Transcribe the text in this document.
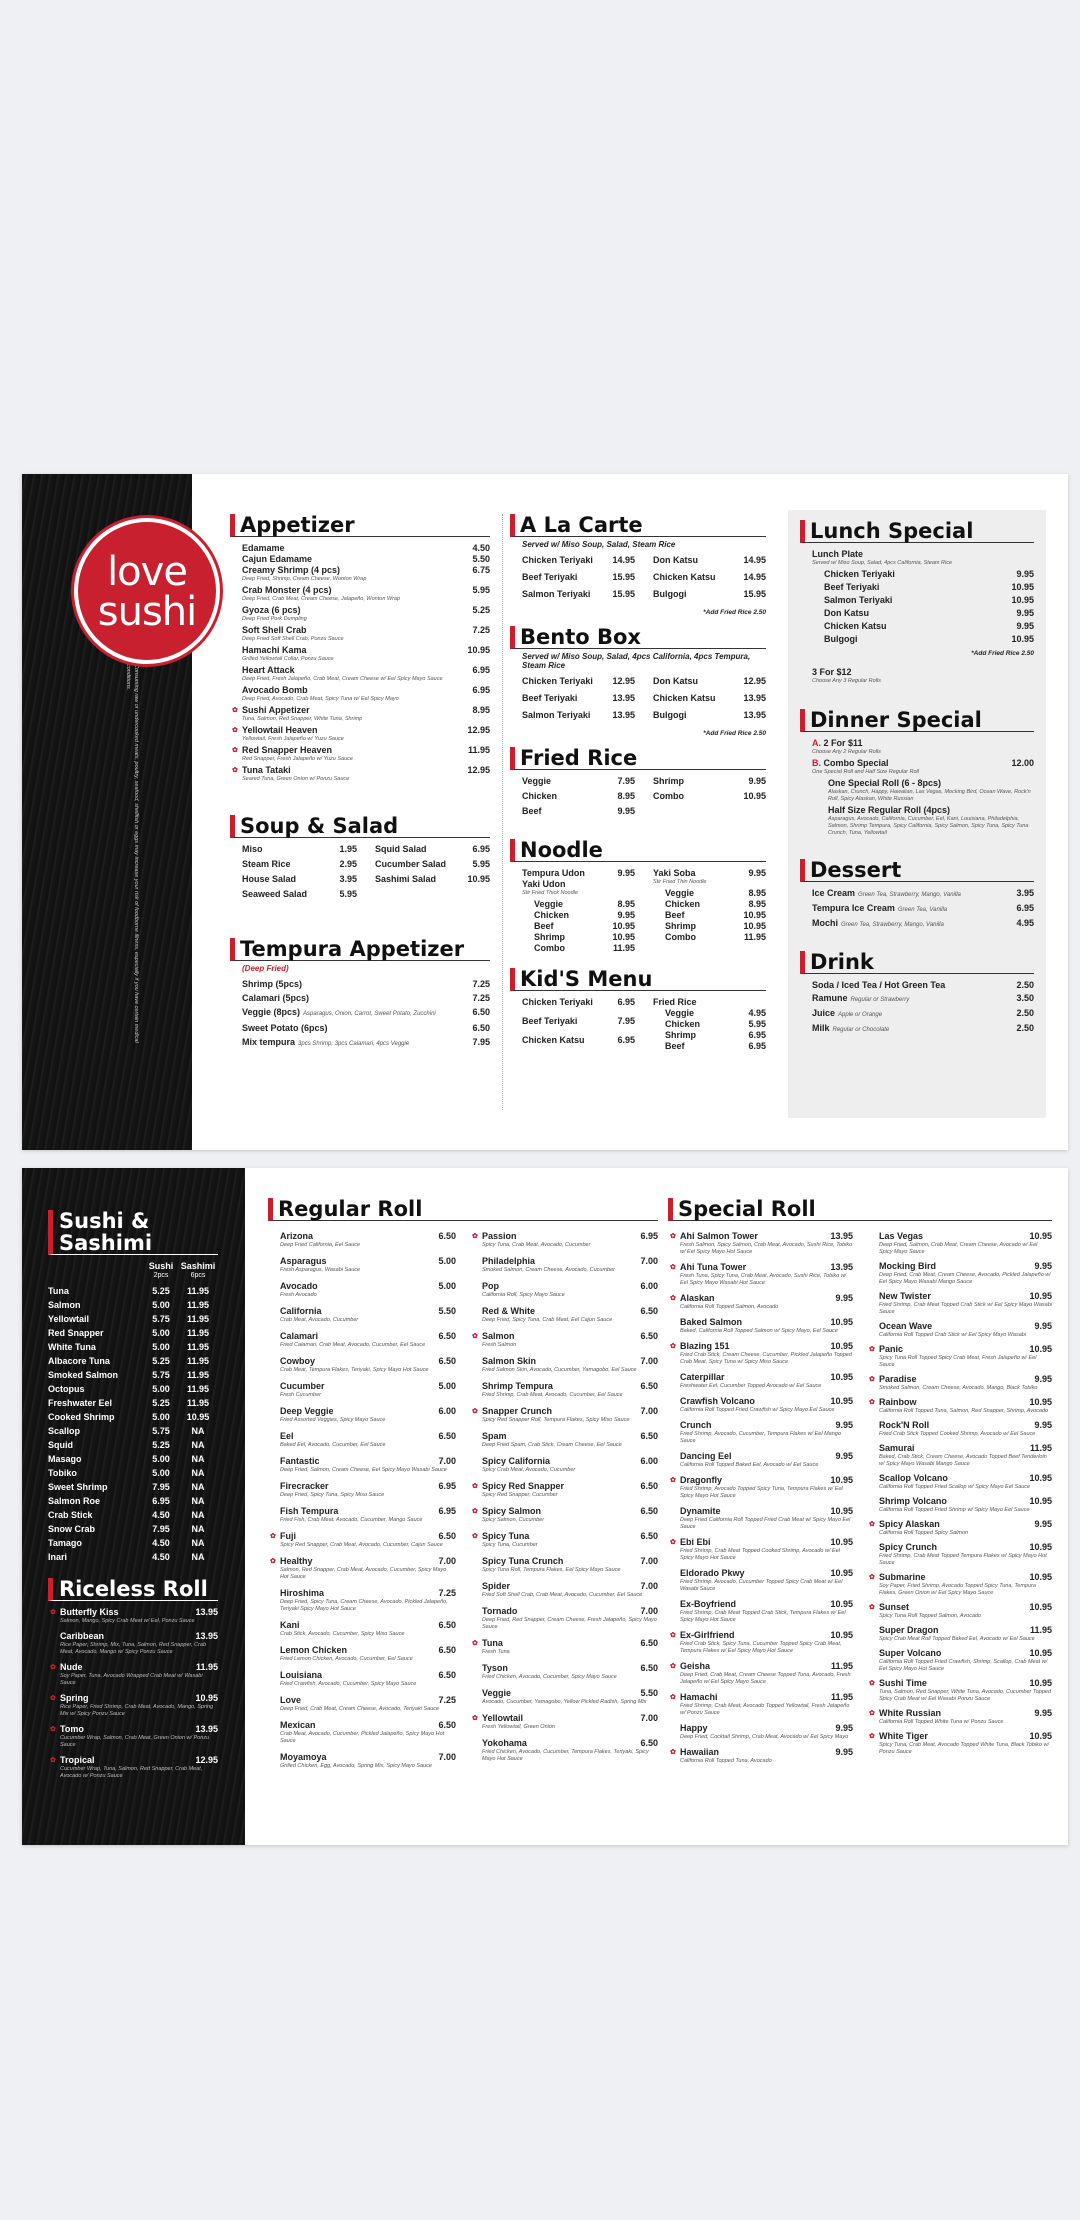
Consuming raw or undercooked meats, poultry, seafood, shellfish or eggs may increase your risk of foodborne illness, especially if you have certain medical conditions.
love
sushi
Appetizer
Edamame	4.50
Cajun Edamame	5.50
Creamy Shrimp (4 pcs)	6.75
Deep Fried, Shrimp, Cream Cheese, Wonton Wrap
Crab Monster (4 pcs)	5.95
Deep Fried, Crab Meat, Cream Cheese, Jalapeño, Wonton Wrap
Gyoza (6 pcs)	5.25
Deep Fried Pork Dumpling
Soft Shell Crab	7.25
Deep Fried Soft Shell Crab, Ponzu Sauce
Hamachi Kama	10.95
Grilled Yellowtail Collar, Ponzu Sauce
Heart Attack	6.95
Deep Fried, Fresh Jalapeño, Crab Meat, Cream Cheese w/ Eel Spicy Mayo Sauce
Avocado Bomb	6.95
Deep Fried, Avocado, Crab Meat, Spicy Tuna w/ Eel Spicy Mayo
✿ Sushi Appetizer	8.95
Tuna, Salmon, Red Snapper, White Tuna, Shrimp
✿ Yellowtail Heaven	12.95
Yellowtail, Fresh Jalapeño w/ Yuzu Sauce
✿ Red Snapper Heaven	11.95
Red Snapper, Fresh Jalapeño w/ Yuzu Sauce
✿ Tuna Tataki	12.95
Seared Tuna, Green Onion w/ Ponzu Sauce
Soup & Salad
Miso	1.95
Steam Rice	2.95
House Salad	3.95
Seaweed Salad	5.95
Squid Salad	6.95
Cucumber Salad	5.95
Sashimi Salad	10.95
Tempura Appetizer
(Deep Fried)
Shrimp (5pcs)	7.25
Calamari (5pcs)	7.25
Veggie (8pcs) Asparagus, Onion, Carrot, Sweet Potato, Zucchini	6.50
Sweet Potato (6pcs)	6.50
Mix tempura 3pcs Shrimp, 3pcs Calamari, 4pcs Veggie	7.95
A La Carte
Served w/ Miso Soup, Salad, Steam Rice
Chicken Teriyaki 14.95
Beef Teriyaki	15.95
Salmon Teriyaki 15.95
Don Katsu	14.95
Chicken Katsu	14.95
Bulgogi	15.95
*Add Fried Rice 2.50
Bento Box
Served w/ Miso Soup, Salad, 4pcs California, 4pcs Tempura, Steam Rice
Chicken Teriyaki 12.95
Beef Teriyaki	13.95
Salmon Teriyaki 13.95
Don Katsu	12.95
Chicken Katsu	13.95
Bulgogi	13.95
*Add Fried Rice 2.50
Fried Rice
Veggie	7.95
Chicken	8.95
Beef	9.95
Shrimp	9.95
Combo	10.95
Noodle
Tempura Udon	9.95
Yaki Udon
Stir Fried Thick Noodle
Veggie	8.95
Chicken	9.95
Beef	10.95
Shrimp	10.95
Combo	11.95
Yaki Soba	9.95
Stir Fried Thin Noodle
Veggie	8.95
Chicken	8.95
Beef	10.95
Shrimp	10.95
Combo	11.95
Kid'S Menu
Chicken Teriyaki	6.95
Beef Teriyaki	7.95
Chicken Katsu	6.95
Fried Rice
Veggie	4.95
Chicken	5.95
Shrimp	6.95
Beef	6.95
Lunch Special
Lunch Plate
Served w/ Miso Soup, Salad, 4pcs California, Steam Rice
Chicken Teriyaki	9.95
Beef Teriyaki	10.95
Salmon Teriyaki	10.95
Don Katsu	9.95
Chicken Katsu	9.95
Bulgogi	10.95
*Add Fried Rice 2.50
3 For $12
Choose Any 3 Regular Rolls
Dinner Special
A. 2 For $11
Choose Any 2 Regular Rolls
B. Combo Special	12.00
One Special Roll and Half Size Regular Roll
One Special Roll (6 - 8pcs)
Alaskan, Crunch, Happy, Hawaiian, Las Vegas, Mocking Bird, Ocean Wave, Rock'n Roll, Spicy Alaskan, White Russian
Half Size Regular Roll (4pcs)
Asparagus, Avocado, California, Cucumber, Eel, Kani, Louisiana, Philadelphia, Salmon, Shrimp Tempura, Spicy California, Spicy Salmon, Spicy Tuna, Spicy Tuna Crunch, Tuna, Yellowtail
Dessert
Ice Cream Green Tea, Strawberry, Mango, Vanilla	3.95
Tempura Ice Cream Green Tea, Vanilla	6.95
Mochi Green Tea, Strawberry, Mango, Vanilla	4.95
Drink
Soda / Iced Tea / Hot Green Tea	2.50
Ramune Regular or Strawberry	3.50
Juice Apple or Orange	2.50
Milk Regular or Chocolate	2.50
Sushi &
Sashimi
Sushi Sashimi
2pcs	6pcs
Tuna	5.25	11.95
Salmon	5.00	11.95
Yellowtail	5.75	11.95
Red Snapper	5.00	11.95
White Tuna	5.00	11.95
Albacore Tuna	5.25	11.95
Smoked Salmon	5.75	11.95
Octopus	5.00	11.95
Freshwater Eel	5.25	11.95
Cooked Shrimp	5.00	10.95
Scallop	5.75	NA
Squid	5.25	NA
Masago	5.00	NA
Tobiko	5.00	NA
Sweet Shrimp	7.95	NA
Salmon Roe	6.95	NA
Crab Stick	4.50	NA
Snow Crab	7.95	NA
Tamago	4.50	NA
Inari	4.50	NA
Riceless Roll
✿ Butterfly Kiss	13.95
Salmon, Mango, Spicy Crab Meat w/ Eel, Ponzu Sauce
Caribbean	13.95
Rice Paper, Shrimp, Mix, Tuna, Salmon, Red Snapper, Crab Meat, Avocado, Mango w/ Spicy Ponzu Sauce
✿ Nude	11.95
Soy Paper, Tuna, Avocado Wrapped Crab Meat w/ Wasabi Sauce
✿ Spring	10.95
Rice Paper, Fried Shrimp, Crab Meat, Avocado, Mango, Spring Mix w/ Spicy Ponzu Sauce
✿ Tomo	13.95
Cucumber Wrap, Salmon, Crab Meat, Green Onion w/ Ponzu Sauce
✿ Tropical	12.95
Cucumber Wrap, Tuna, Salmon, Red Snapper, Crab Meat, Avocado w/ Ponzu Sauce
Regular Roll
Arizona	6.50
Deep Fried California, Eel Sauce
Asparagus	5.00
Fresh Asparagus, Wasabi Sauce
Avocado	5.00
Fresh Avocado
California	5.50
Crab Meat, Avocado, Cucumber
Calamari	6.50
Fried Calamari, Crab Meat, Avocado, Cucumber, Eel Sauce
Cowboy	6.50
Crab Meat, Tempura Flakes, Teriyaki, Spicy Mayo Hot Sauce
Cucumber	5.00
Fresh Cucumber
Deep Veggie	6.00
Fried Assorted Veggies, Spicy Mayo Sauce
Eel	6.50
Baked Eel, Avocado, Cucumber, Eel Sauce
Fantastic	7.00
Deep Fried, Salmon, Cream Cheese, Eel Spicy Mayo Wasabi Sauce
Firecracker	6.95
Deep Fried, Spicy Tuna, Spicy Miso Sauce
Fish Tempura	6.95
Fried Fish, Crab Meat, Avocado, Cucumber, Mango Sauce
✿ Fuji	6.50
Spicy Red Snapper, Crab Meat, Avocado, Cucumber, Cajun Sauce
✿ Healthy	7.00
Salmon, Red Snapper, Crab Meat, Avocado, Cucumber, Spicy Mayo Hot Sauce
Hiroshima	7.25
Deep Fried, Spicy Tuna, Cream Cheese, Avocado, Pickled Jalapeño, Teriyaki Spicy Mayo Hot Sauce
Kani	6.50
Crab Stick, Avocado, Cucumber, Spicy Miso Sauce
Lemon Chicken	6.50
Fried Lemon Chicken, Avocado, Cucumber, Eel Sauce
Louisiana	6.50
Fried Crawfish, Avocado, Cucumber, Spicy Mayo Sauce
Love	7.25
Deep Fried, Crab Meat, Cream Cheese, Avocado, Teriyaki Sauce
Mexican	6.50
Crab Meat, Avocado, Cucumber, Pickled Jalapeño, Spicy Mayo Hot Sauce
Moyamoya	7.00
Grilled Chicken, Egg, Avocado, Spring Mix, Spicy Mayo Sauce
✿ Passion	6.95
Spicy Tuna, Crab Meat, Avocado, Cucumber
Philadelphia	7.00
Smoked Salmon, Cream Cheese, Avocado, Cucumber
Pop	6.00
California Roll, Spicy Mayo Sauce
Red & White	6.50
Deep Fried, Spicy Tuna, Crab Meat, Eel Cajun Sauce
✿ Salmon	6.50
Fresh Salmon
Salmon Skin	7.00
Fried Salmon Skin, Avocado, Cucumber, Yamagobo, Eel Sauce
Shrimp Tempura	6.50
Fried Shrimp, Crab Meat, Avocado, Cucumber, Eel Sauce
✿ Snapper Crunch	7.00
Spicy Red Snapper Roll, Tempura Flakes, Spicy Miso Sauce
Spam	6.50
Deep Fried Spam, Crab Stick, Cream Cheese, Eel Sauce
Spicy California	6.00
Spicy Crab Meat, Avocado, Cucumber
✿ Spicy Red Snapper	6.50
Spicy Red Snapper, Cucumber
✿ Spicy Salmon	6.50
Spicy Salmon, Cucumber
✿ Spicy Tuna	6.50
Spicy Tuna, Cucumber
Spicy Tuna Crunch	7.00
Spicy Tuna Roll, Tempura Flakes, Eel Spicy Mayo Sauce
Spider	7.00
Fried Soft Shell Crab, Crab Meat, Avocado, Cucumber, Eel Sauce
Tornado	7.00
Deep Fried, Red Snapper, Cream Cheese, Fresh Jalapeño, Spicy Mayo Sauce
✿ Tuna	6.50
Fresh Tuna
Tyson	6.50
Fried Chicken, Avocado, Cucumber, Spicy Mayo Sauce
Veggie	5.50
Avocado, Cucumber, Yamagobo, Yellow Pickled Radish, Spring Mix
✿ Yellowtail	7.00
Fresh Yellowtail, Green Onion
Yokohama	6.50
Fried Chicken, Avocado, Cucumber, Tempura Flakes, Teriyaki, Spicy Mayo Hot Sauce
Special Roll
✿ Ahi Salmon Tower	13.95
Fresh Salmon, Spicy Salmon, Crab Meat, Avocado, Sushi Rice, Tobiko w/ Eel Spicy Mayo Hot Sauce
✿ Ahi Tuna Tower	13.95
Fresh Tuna, Spicy Tuna, Crab Meat, Avocado, Sushi Rice, Tobiko w/ Eel Spicy Mayo Wasabi Hot Sauce
✿ Alaskan	9.95
California Roll Topped Salmon, Avocado
Baked Salmon	10.95
Baked, California Roll Topped Salmon w/ Spicy Mayo, Eel Sauce
✿ Blazing 151	10.95
Fried Crab Stick, Cream Cheese, Cucumber, Pickled Jalapeño Topped Crab Meat, Spicy Tuna w/ Spicy Miso Sauce
Caterpillar	10.95
Freshwater Eel, Cucumber Topped Avocado w/ Eel Sauce
Crawfish Volcano	10.95
California Roll Topped Fried Crawfish w/ Spicy Mayo Eel Sauce
Crunch	9.95
Fried Shrimp, Avocado, Cucumber, Tempura Flakes w/ Eel Mango Sauce
Dancing Eel	9.95
California Roll Topped Baked Eel, Avocado w/ Eel Sauce
✿ Dragonfly	10.95
Fried Shrimp, Avocado Topped Spicy Tuna, Tempura Flakes w/ Eel Spicy Mayo Hot Sauce
Dynamite	10.95
Deep Fried California Roll Topped Fried Crab Meat w/ Spicy Mayo Eel Sauce
✿ Ebi Ebi	10.95
Fried Shrimp, Crab Meat Topped Cooked Shrimp, Avocado w/ Eel Spicy Mayo Hot Sauce
Eldorado Pkwy	10.95
Fried Shrimp, Avocado, Cucumber Topped Spicy Crab Meat w/ Eel Wasabi Sauce
Ex-Boyfriend	10.95
Fried Shrimp, Crab Meat Topped Crab Stick, Tempura Flakes w/ Eel Spicy Mayo Hot Sauce
✿ Ex-Girlfriend	10.95
Fried Crab Stick, Spicy Tuna, Cucumber Topped Spicy Crab Meat, Tempura Flakes w/ Eel Spicy Mayo Hot Sauce
✿ Geisha	11.95
Deep Fried, Crab Meat, Cream Cheese Topped Tuna, Avocado, Fresh Jalapeño w/ Eel Spicy Mayo Sauce
✿ Hamachi	11.95
Fried Shrimp, Crab Meat, Avocado Topped Yellowtail, Fresh Jalapeño w/ Ponzu Sauce
Happy	9.95
Deep Fried, Cocktail Shrimp, Crab Meat, Avocado w/ Eel Spicy Mayo
✿ Hawaiian	9.95
California Roll Topped Tuna, Avocado
Las Vegas	10.95
Deep Fried, Salmon, Crab Meat, Cream Cheese, Avocado w/ Eel Spicy Mayo Sauce
Mocking Bird	9.95
Deep Fried, Crab Meat, Cream Cheese, Avocado, Pickled Jalapeño w/ Eel Spicy Mayo Wasabi Mango Sauce
New Twister	10.95
Fried Shrimp, Crab Meat Topped Crab Stick w/ Eel Spicy Mayo Wasabi Sauce
Ocean Wave	9.95
California Roll Topped Crab Stick w/ Eel Spicy Mayo Wasabi
✿ Panic	10.95
Spicy Tuna Roll Topped Spicy Crab Meat, Fresh Jalapeño w/ Eel Sauce
✿ Paradise	9.95
Smoked Salmon, Cream Cheese, Avocado, Mango, Black Tobiko
✿ Rainbow	10.95
California Roll Topped Tuna, Salmon, Red Snapper, Shrimp, Avocado
Rock'N Roll	9.95
Fried Crab Stick Topped Cooked Shrimp, Avocado w/ Eel Sauce
Samurai	11.95
Baked, Crab Stick, Cream Cheese, Avocado Topped Beef Tenderloin w/ Spicy Mayo Wasabi Mango Sauce
Scallop Volcano	10.95
California Roll Topped Fried Scallop w/ Spicy Mayo Eel Sauce
Shrimp Volcano	10.95
California Roll Topped Fried Shrimp w/ Spicy Mayo Eel Sauce
✿ Spicy Alaskan	9.95
California Roll Topped Spicy Salmon
Spicy Crunch	10.95
Fried Shrimp, Crab Meat Topped Tempura Flakes w/ Spicy Mayo Hot Sauce
✿ Submarine	10.95
Soy Paper, Fried Shrimp, Avocado Topped Spicy Tuna, Tempura Flakes, Green Onion w/ Eel Spicy Mayo Sauce
✿ Sunset	10.95
Spicy Tuna Roll Topped Salmon, Avocado
Super Dragon	11.95
Spicy Crab Meat Roll Topped Baked Eel, Avocado w/ Eel Sauce
Super Volcano	10.95
California Roll Topped Fried Crawfish, Shrimp, Scallop, Crab Meat w/ Eel Spicy Mayo Hot Sauce
✿ Sushi Time	10.95
Tuna, Salmon, Red Snapper, White Tuna, Avocado, Cucumber Topped Spicy Crab Meat w/ Eel Wasabi Ponzu Sauce
✿ White Russian	9.95
California Roll Topped White Tuna w/ Ponzu Sauce
✿ White Tiger	10.95
Spicy Tuna, Crab Meat, Avocado Topped White Tuna, Black Tobiko w/ Ponzu Sauce
